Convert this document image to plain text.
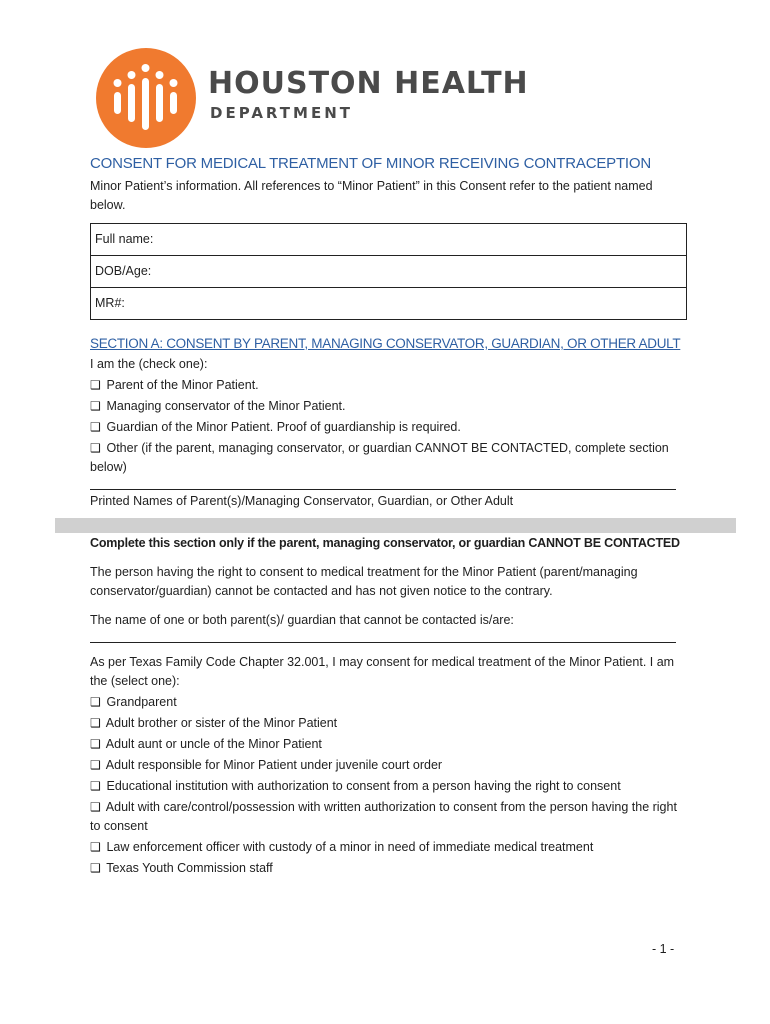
HOUSTON HEALTH
DEPARTMENT
CONSENT FOR MEDICAL TREATMENT OF MINOR RECEIVING CONTRACEPTION

Minor Patient’s information. All references to “Minor Patient” in this Consent refer to the patient named below.

Full name:
DOB/Age:
MR#:
SECTION A: CONSENT BY PARENT, MANAGING CONSERVATOR, GUARDIAN, OR OTHER ADULT

I am the (check one):

❑ Parent of the Minor Patient.
❑ Managing conservator of the Minor Patient.
❑ Guardian of the Minor Patient. Proof of guardianship is required.
❑ Other (if the parent, managing conservator, or guardian CANNOT BE CONTACTED, complete section below)

Printed Names of Parent(s)/Managing Conservator, Guardian, or Other Adult

Complete this section only if the parent, managing conservator, or guardian CANNOT BE CONTACTED

The person having the right to consent to medical treatment for the Minor Patient (parent/managing conservator/guardian) cannot be contacted and has not given notice to the contrary.

The name of one or both parent(s)/ guardian that cannot be contacted is/are:

As per Texas Family Code Chapter 32.001, I may consent for medical treatment of the Minor Patient. I am the (select one):

❑ Grandparent
❑ Adult brother or sister of the Minor Patient
❑ Adult aunt or uncle of the Minor Patient
❑ Adult responsible for Minor Patient under juvenile court order
❑ Educational institution with authorization to consent from a person having the right to consent
❑ Adult with care/control/possession with written authorization to consent from the person having the right to consent
❑ Law enforcement officer with custody of a minor in need of immediate medical treatment
❑ Texas Youth Commission staff
- 1 -
